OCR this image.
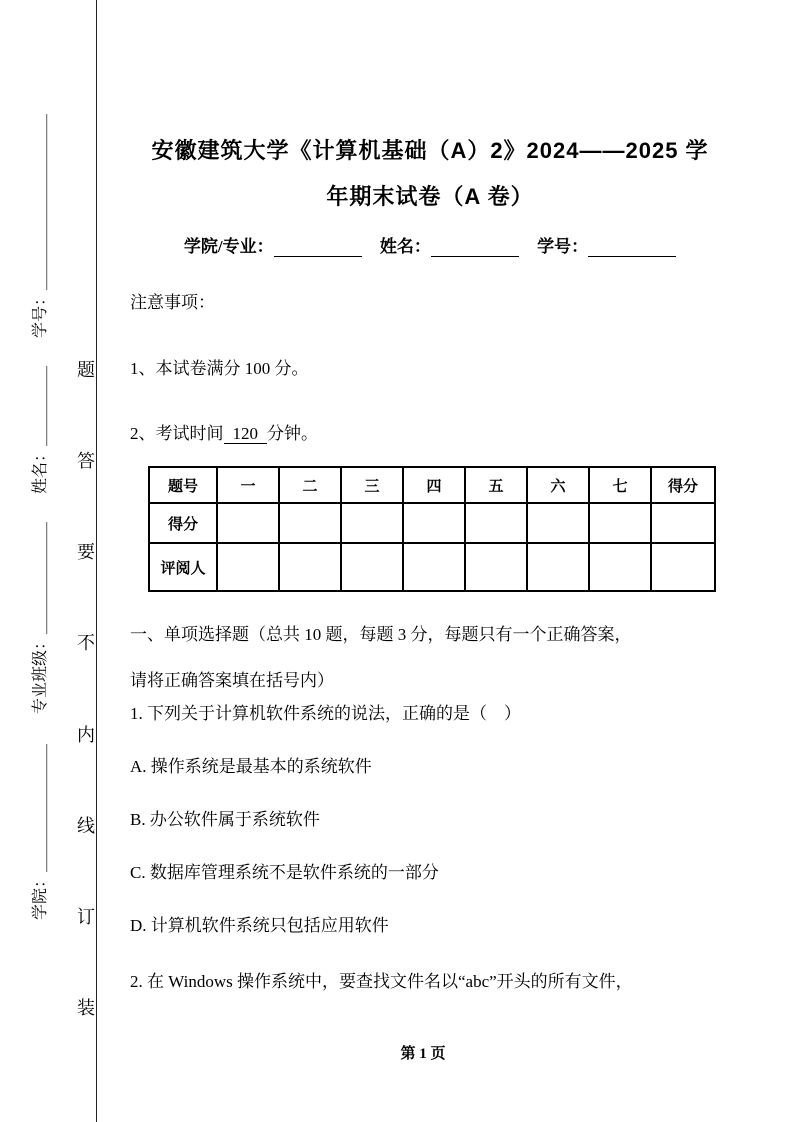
学号：＿＿＿＿＿＿＿＿＿＿＿
姓名：＿＿＿＿＿
专业班级：＿＿＿＿＿＿＿
学院：＿＿＿＿＿＿＿＿
题
答
要
不
内
线
订
装
安徽建筑大学《计算机基础（A）2》2024——2025 学
年期末试卷（A 卷）
学院/专业：	姓名：	学号：
注意事项：
1、本试卷满分 100 分。
2、考试时间 120 分钟。
题号	一	二	三	四	五	六	七	得分
得分								
评阅人								
一、单项选择题（总共 10 题，每题 3 分，每题只有一个正确答案，
请将正确答案填在括号内）
1. 下列关于计算机软件系统的说法，正确的是（　）
A. 操作系统是最基本的系统软件
B. 办公软件属于系统软件
C. 数据库管理系统不是软件系统的一部分
D. 计算机软件系统只包括应用软件
2. 在 Windows 操作系统中，要查找文件名以“abc”开头的所有文件，
第 1 页
